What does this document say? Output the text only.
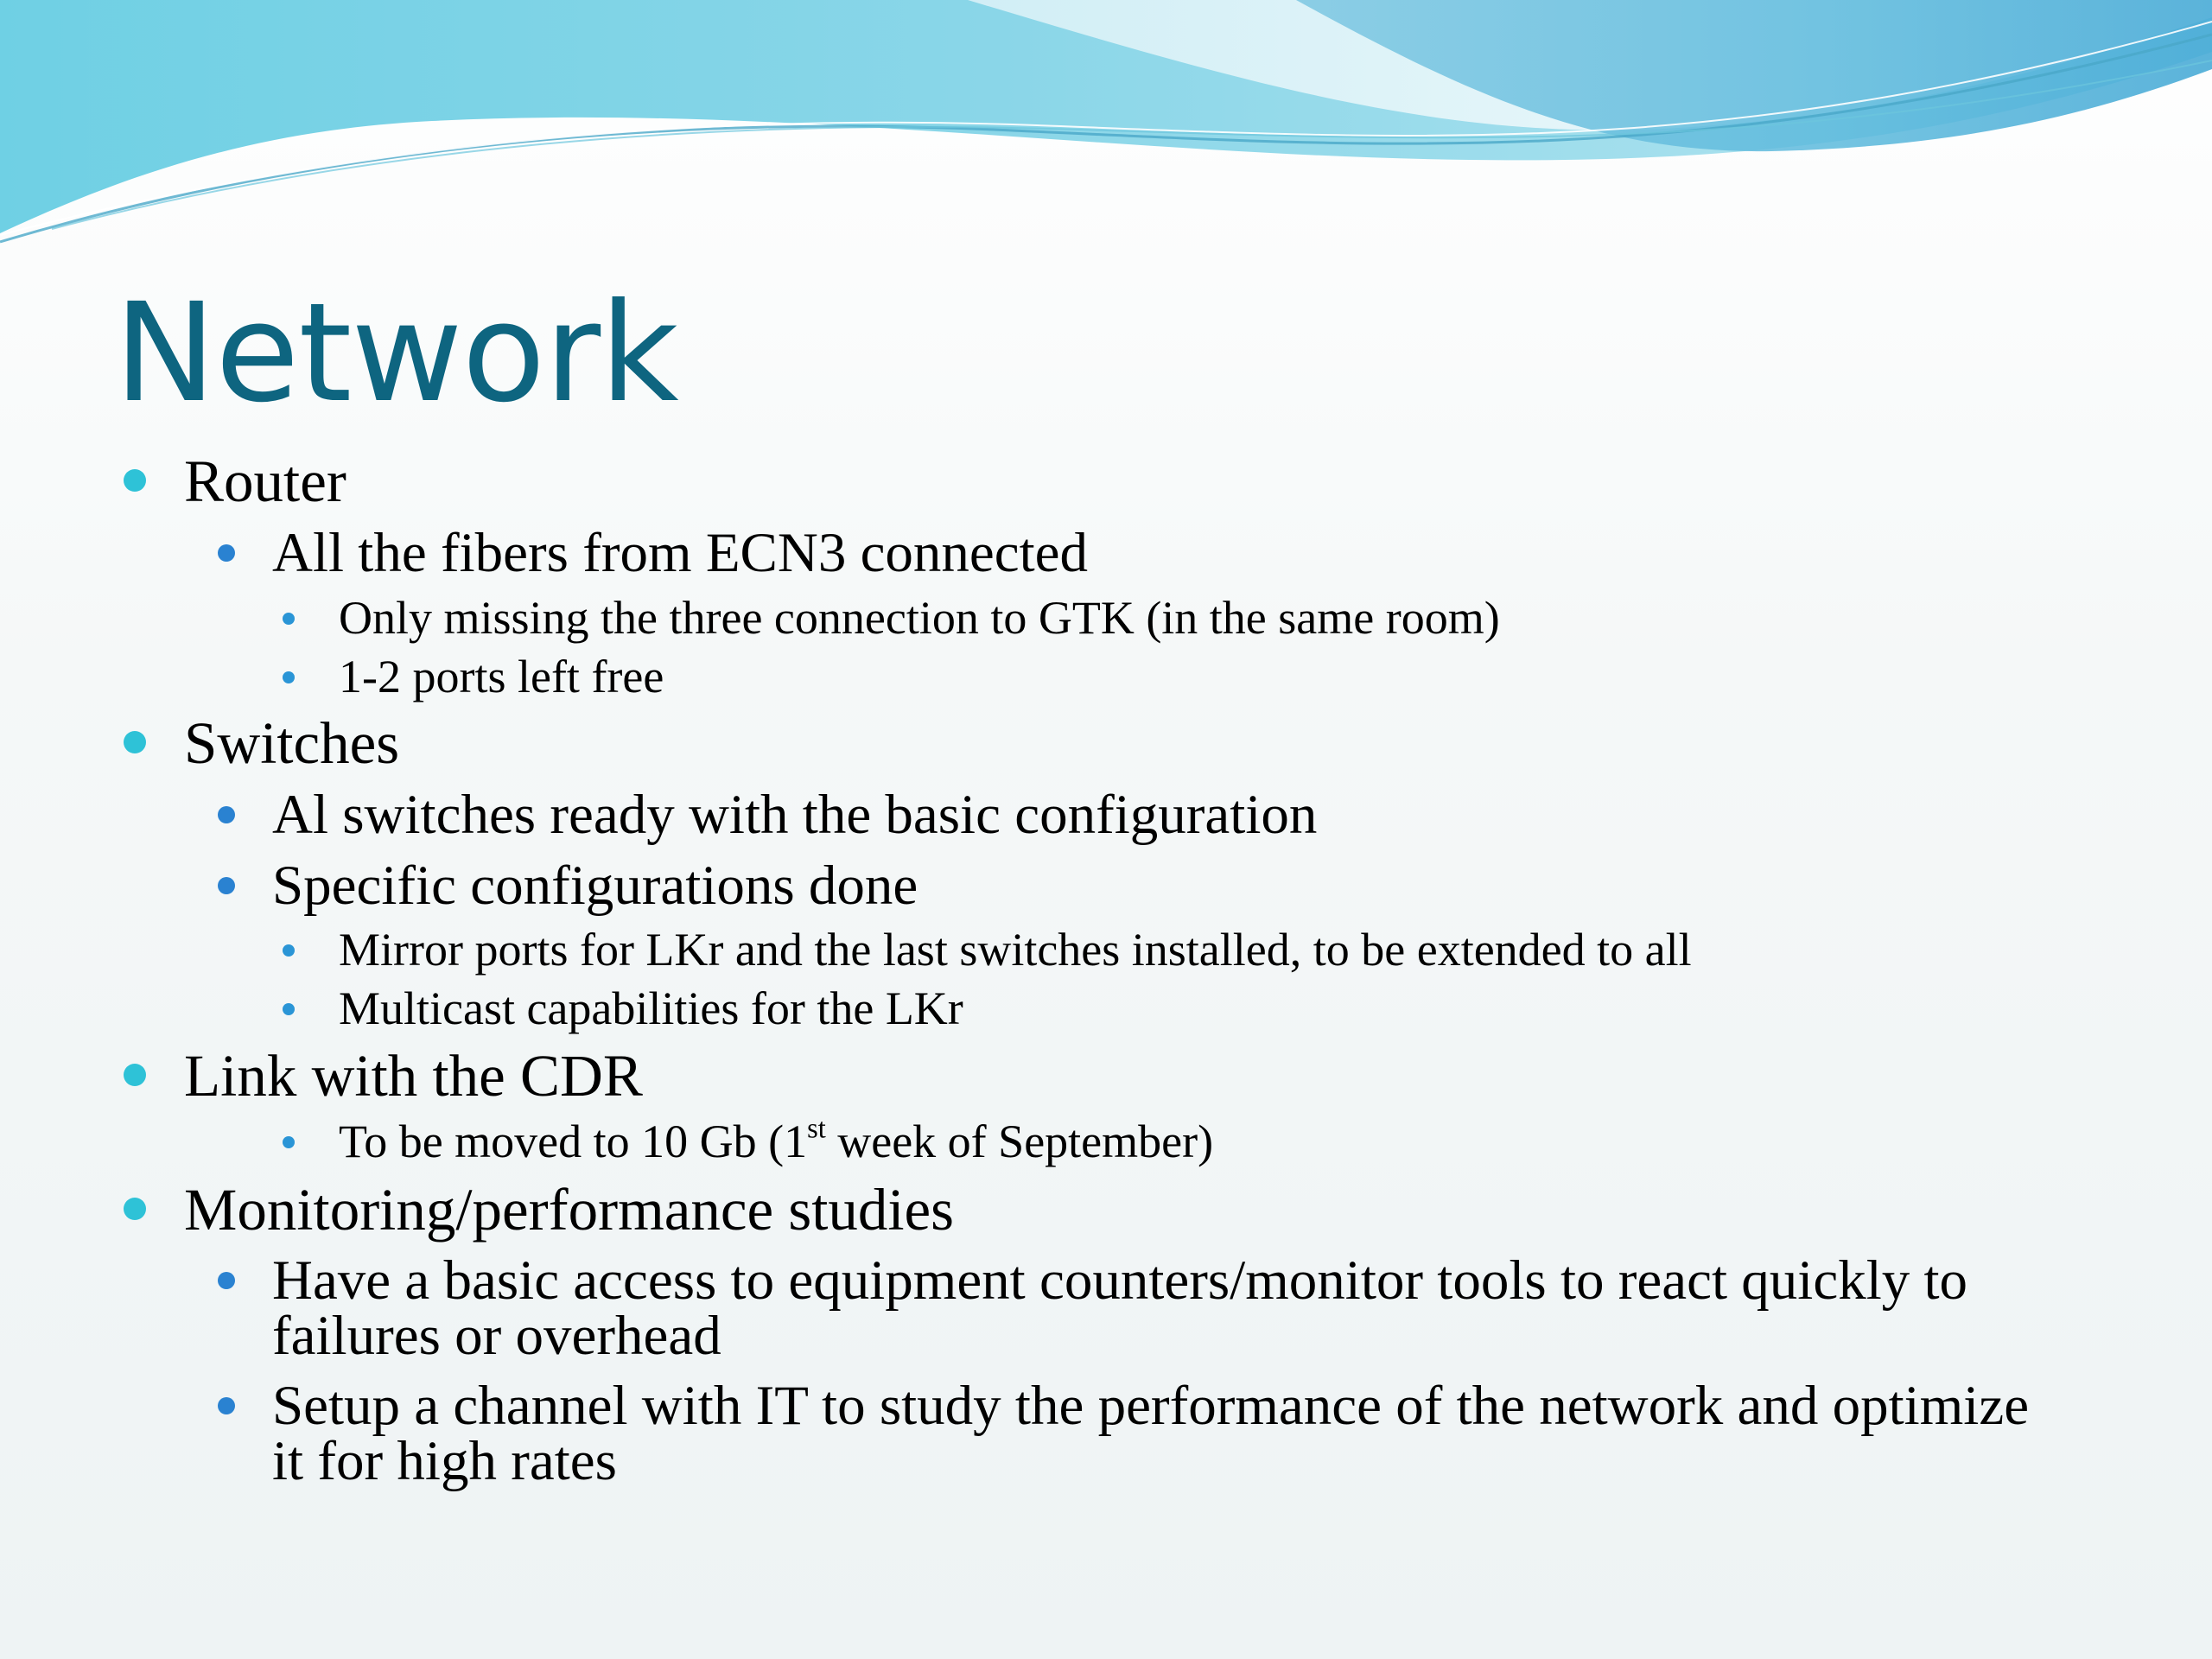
Network
Router
All the fibers from ECN3 connected
Only missing the three connection to GTK (in the same room)
1-2 ports left free
Switches
Al switches ready with the basic configuration
Specific configurations done
Mirror ports for LKr and the last switches installed, to be extended to all
Multicast capabilities for the LKr
Link with the CDR
To be moved to 10 Gb (1st week of September)
Monitoring/performance studies
Have a basic access to equipment counters/monitor tools to react quickly to failures or overhead
Setup a channel with IT to study the performance of the network and optimize it for high rates
